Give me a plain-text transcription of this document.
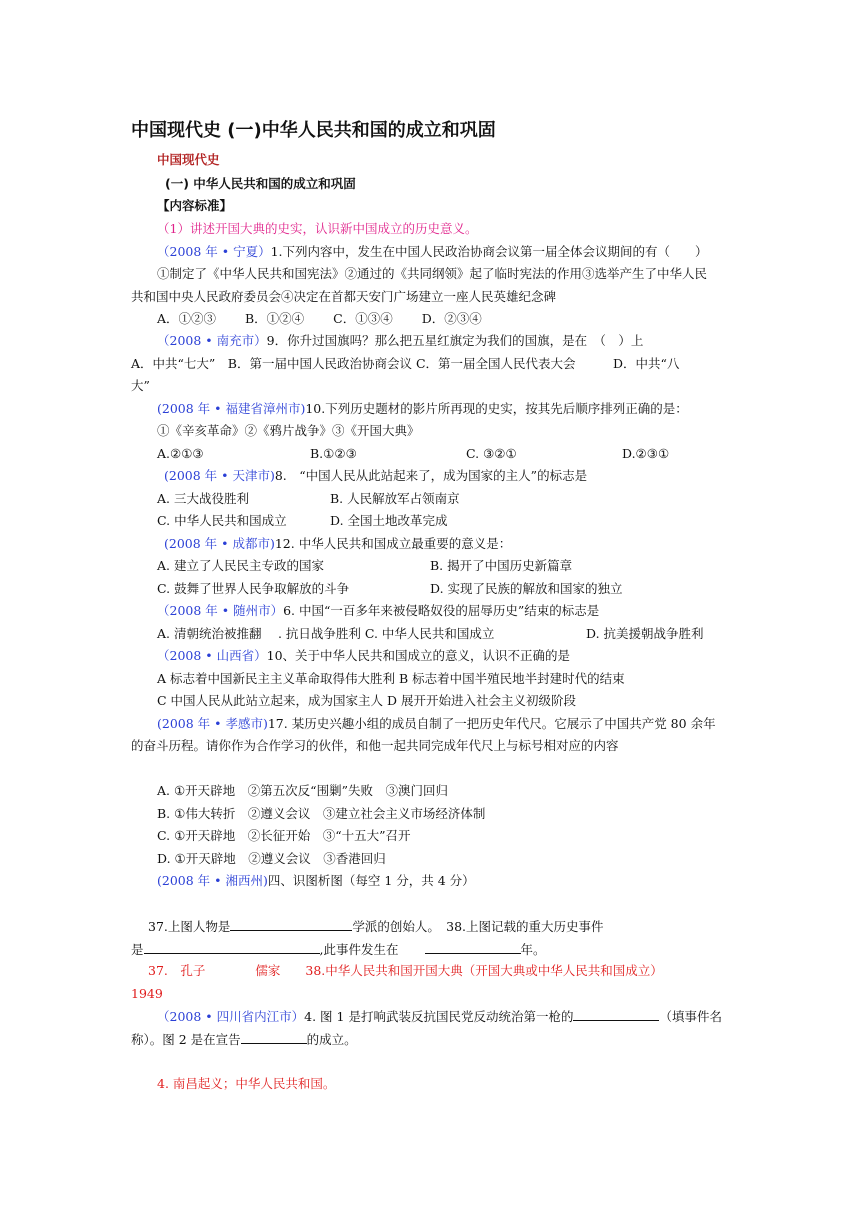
中国现代史 (一)中华人民共和国的成立和巩固
中国现代史
(一) 中华人民共和国的成立和巩固
【内容标准】
（1）讲述开国大典的史实，认识新中国成立的历史意义。
（2008 年 • 宁夏）1.下列内容中，发生在中国人民政治协商会议第一届全体会议期间的有（　　）
①制定了《中华人民共和国宪法》②通过的《共同纲领》起了临时宪法的作用③选举产生了中华人民
共和国中央人民政府委员会④决定在首都天安门广场建立一座人民英雄纪念碑
A．①②③　　 B．①②④　　 C．①③④　　 D．②③④
（2008 • 南充市）9．你升过国旗吗？那么把五星红旗定为我们的国旗，是在　（　）上
A．中共“七大”　B．第一届中国人民政治协商会议 C．第一届全国人民代表大会　　　D．中共“八
大”
(2008 年 • 福建省漳州市)10.下列历史题材的影片所再现的史实，按其先后顺序排列正确的是：
①《辛亥革命》②《鸦片战争》③《开国大典》
A.②①③	B.①②③	C. ③②①	D.②③①
(2008 年 • 天津市)8.　“中国人民从此站起来了，成为国家的主人”的标志是
A. 三大战役胜利	B. 人民解放军占领南京
C. 中华人民共和国成立	D. 全国土地改革完成
(2008 年 • 成都市)12. 中华人民共和国成立最重要的意义是：
A. 建立了人民民主专政的国家	B. 揭开了中国历史新篇章
C. 鼓舞了世界人民争取解放的斗争	D. 实现了民族的解放和国家的独立
（2008 年 • 随州市）6. 中国“一百多年来被侵略奴役的屈辱历史”结束的标志是
A. 清朝统治被推翻　 . 抗日战争胜利 C. 中华人民共和国成立	D. 抗美援朝战争胜利
（2008 • 山西省）10、关于中华人民共和国成立的意义，认识不正确的是
A 标志着中国新民主主义革命取得伟大胜利 B 标志着中国半殖民地半封建时代的结束
C 中国人民从此站立起来，成为国家主人 D 展开开始进入社会主义初级阶段
(2008 年 • 孝感市)17. 某历史兴趣小组的成员自制了一把历史年代尺。它展示了中国共产党 80 余年
的奋斗历程。请你作为合作学习的伙伴，和他一起共同完成年代尺上与标号相对应的内容
A. ①开天辟地　②第五次反“围剿”失败　③澳门回归
B. ①伟大转折　②遵义会议　③建立社会主义市场经济体制
C. ①开天辟地　②长征开始　③“十五大”召开
D. ①开天辟地　②遵义会议　③香港回归
(2008 年 • 湘西州)四、识图析图（每空 1 分，共 4 分）
37.上图人物是	学派的创始人。　38.上图记载的重大历史事件
是	,此事件发生在	年。
37.　孔子　　　　儒家　　38.中华人民共和国开国大典（开国大典或中华人民共和国成立）
1949
（2008 • 四川省内江市）4. 图 1 是打响武装反抗国民党反动统治第一枪的	（填事件名
称）。图 2 是在宣告	的成立。
4. 南昌起义；中华人民共和国。
